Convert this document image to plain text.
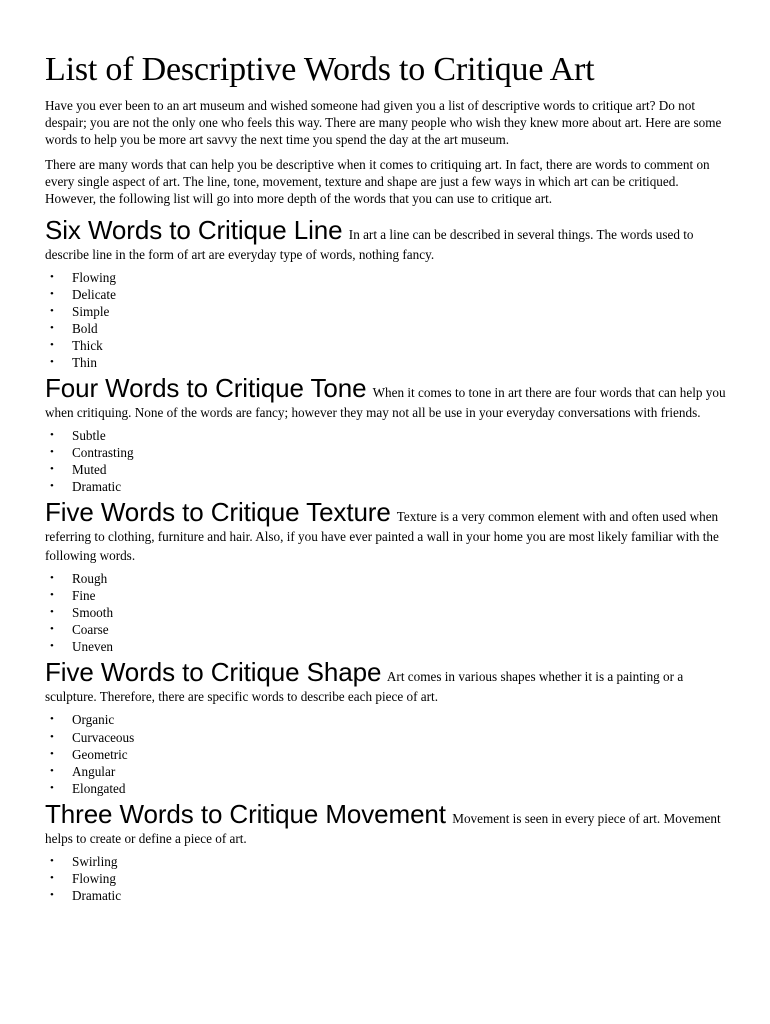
List of Descriptive Words to Critique Art

Have you ever been to an art museum and wished someone had given you a list of descriptive words to critique art? Do not despair; you are not the only one who feels this way. There are many people who wish they knew more about art. Here are some words to help you be more art savvy the next time you spend the day at the art museum.

There are many words that can help you be descriptive when it comes to critiquing art. In fact, there are words to comment on every single aspect of art. The line, tone, movement, texture and shape are just a few ways in which art can be critiqued. However, the following list will go into more depth of the words that you can use to critique art.

Six Words to Critique Line In art a line can be described in several things. The words used to describe line in the form of art are everyday type of words, nothing fancy.

• Flowing
• Delicate
• Simple
• Bold
• Thick
• Thin

Four Words to Critique Tone When it comes to tone in art there are four words that can help you when critiquing. None of the words are fancy; however they may not all be use in your everyday conversations with friends.

• Subtle
• Contrasting
• Muted
• Dramatic

Five Words to Critique Texture Texture is a very common element with and often used when referring to clothing, furniture and hair. Also, if you have ever painted a wall in your home you are most likely familiar with the following words.

• Rough
• Fine
• Smooth
• Coarse
• Uneven

Five Words to Critique Shape Art comes in various shapes whether it is a painting or a sculpture. Therefore, there are specific words to describe each piece of art.

• Organic
• Curvaceous
• Geometric
• Angular
• Elongated

Three Words to Critique Movement Movement is seen in every piece of art. Movement helps to create or define a piece of art.

• Swirling
• Flowing
• Dramatic
